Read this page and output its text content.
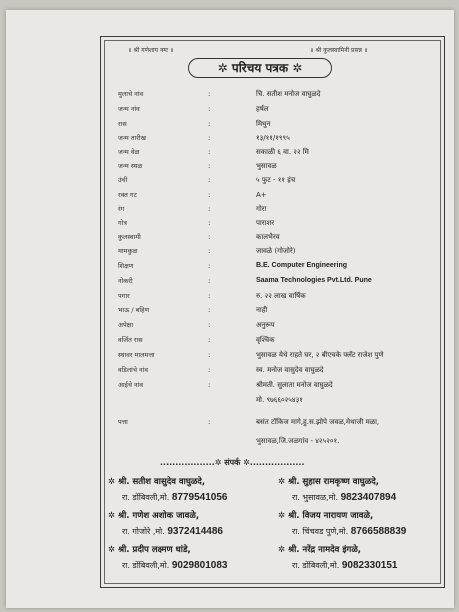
॥ श्री गणेशाय नमः ॥	॥ श्री कुलस्वामिनी प्रसन्न ॥
✲ परिचय पत्रक ✲
मुलाचे नांव	:	चि. सतीश मनोज वाघुळदे
जन्म नांव	:	हर्षल
रास	:	मिथुन
जन्म तारीख	:	१३/११/१९९५
जन्म वेळ	:	सकाळी ६ वा. २२ मि
जन्म स्थळ	:	भुसावळ
उंची	:	५ फुट - ११ इंच
रक्त गट	:	A+
रंग	:	गोरा
गोत्र	:	पाराशर
कुलस्वामी	:	कालभैरव
मामकुळ	:	जावळे (गोजोरे)
शिक्षण	:	B.E. Computer Engineering
नोकरी	:	Saama Technologies Pvt.Ltd. Pune
पगार	:	रु. २२ लाख वार्षिक
भाऊ / बहिण	:	नाही
अपेक्षा	:	अनुरूप
वर्जित रास	:	वृश्चिक
स्थावर मालमत्ता	:	भुसावळ येथे राहते घर, २ बीएचके फ्लॅट राजेश पुणे
वडिलांचे नांव	:	स्व. मनोज वासुदेव वाघुळदे
आईचे नांव	:	श्रीमती. सुलाता मनोज वाघुळदे
मो. ९७६६०२५४३१
पत्ता	:	बसंत टॉकिज मागे,हु.स.झोपे जवळ,मेथाजी मळा,
भुसावळ,जि.जळगांव - ४२५२०१.
..................✲ संपर्क ✲..................
✲ श्री. सतीश वासुदेव वाघुळदे,
रा. डोंबिवली,मो. 8779541056
✲ श्री. सुहास रामकृष्ण वाघुळदे,
रा. भुसावळ,मो. 9823407894
✲ श्री. गणेश अशोक जावळे,
रा. गोजोरे ,मो. 9372414486
✲ श्री. विजय नारायण जावळे,
रा. चिंचवड पुणे,मो. 8766588839
✲ श्री. प्रदीप लक्ष्मण धांडे,
रा. डोंबिवली,मो. 9029801083
✲ श्री. नरेंद्र नामदेव इंगळे,
रा. डोंबिवली,मो. 9082330151
